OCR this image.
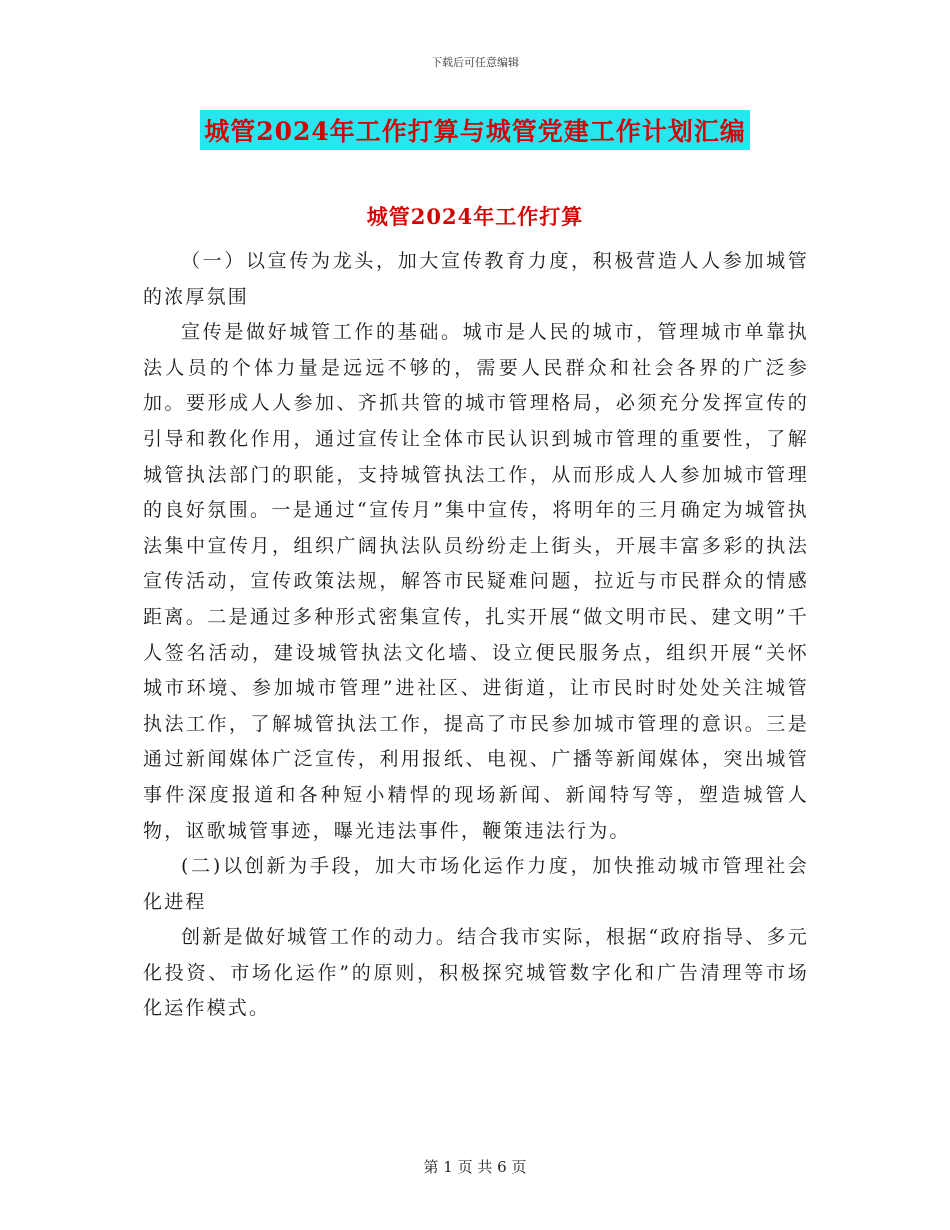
下载后可任意编辑
城管2024年工作打算与城管党建工作计划汇编
城管2024年工作打算

（一）以宣传为龙头，加大宣传教育力度，积极营造人人参加城管的浓厚氛围

宣传是做好城管工作的基础。城市是人民的城市，管理城市单靠执法人员的个体力量是远远不够的，需要人民群众和社会各界的广泛参加。要形成人人参加、齐抓共管的城市管理格局，必须充分发挥宣传的引导和教化作用，通过宣传让全体市民认识到城市管理的重要性，了解城管执法部门的职能，支持城管执法工作，从而形成人人参加城市管理的良好氛围。一是通过“宣传月”集中宣传，将明年的三月确定为城管执法集中宣传月，组织广阔执法队员纷纷走上街头，开展丰富多彩的执法宣传活动，宣传政策法规，解答市民疑难问题，拉近与市民群众的情感距离。二是通过多种形式密集宣传，扎实开展“做文明市民、建文明”千人签名活动，建设城管执法文化墙、设立便民服务点，组织开展“关怀城市环境、参加城市管理”进社区、进街道，让市民时时处处关注城管执法工作，了解城管执法工作，提高了市民参加城市管理的意识。三是通过新闻媒体广泛宣传，利用报纸、电视、广播等新闻媒体，突出城管事件深度报道和各种短小精悍的现场新闻、新闻特写等，塑造城管人物，讴歌城管事迹，曝光违法事件，鞭策违法行为。

(二)以创新为手段，加大市场化运作力度，加快推动城市管理社会化进程

创新是做好城管工作的动力。结合我市实际，根据“政府指导、多元化投资、市场化运作”的原则，积极探究城管数字化和广告清理等市场化运作模式。

第 1 页 共 6 页
